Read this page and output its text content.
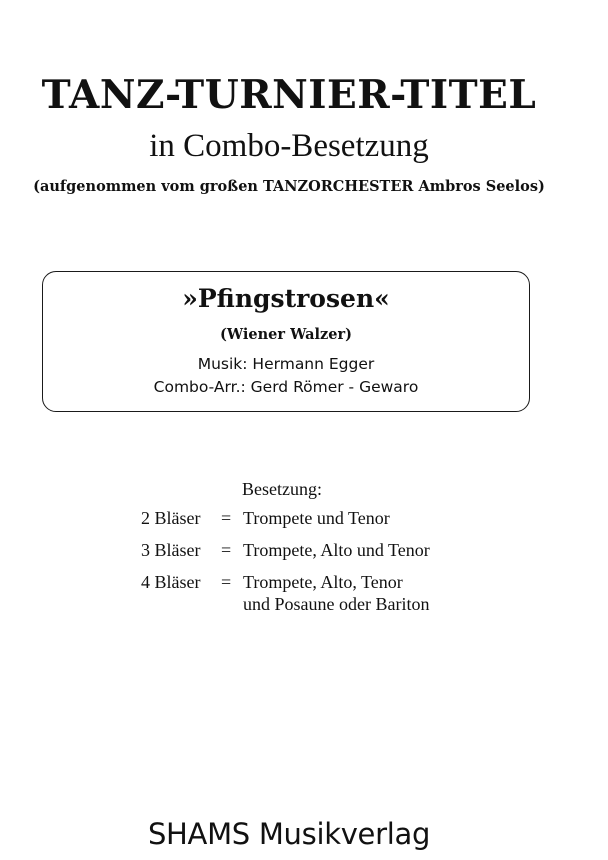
TANZ-TURNIER-TITEL
in Combo-Besetzung
(aufgenommen vom großen TANZORCHESTER Ambros Seelos)
»Pfingstrosen«
(Wiener Walzer)
Musik: Hermann Egger
Combo-Arr.: Gerd Römer - Gewaro
Besetzung:
2 Bläser = Trompete und Tenor
3 Bläser = Trompete, Alto und Tenor
4 Bläser = Trompete, Alto, Tenor
und Posaune oder Bariton
SHAMS Musikverlag
